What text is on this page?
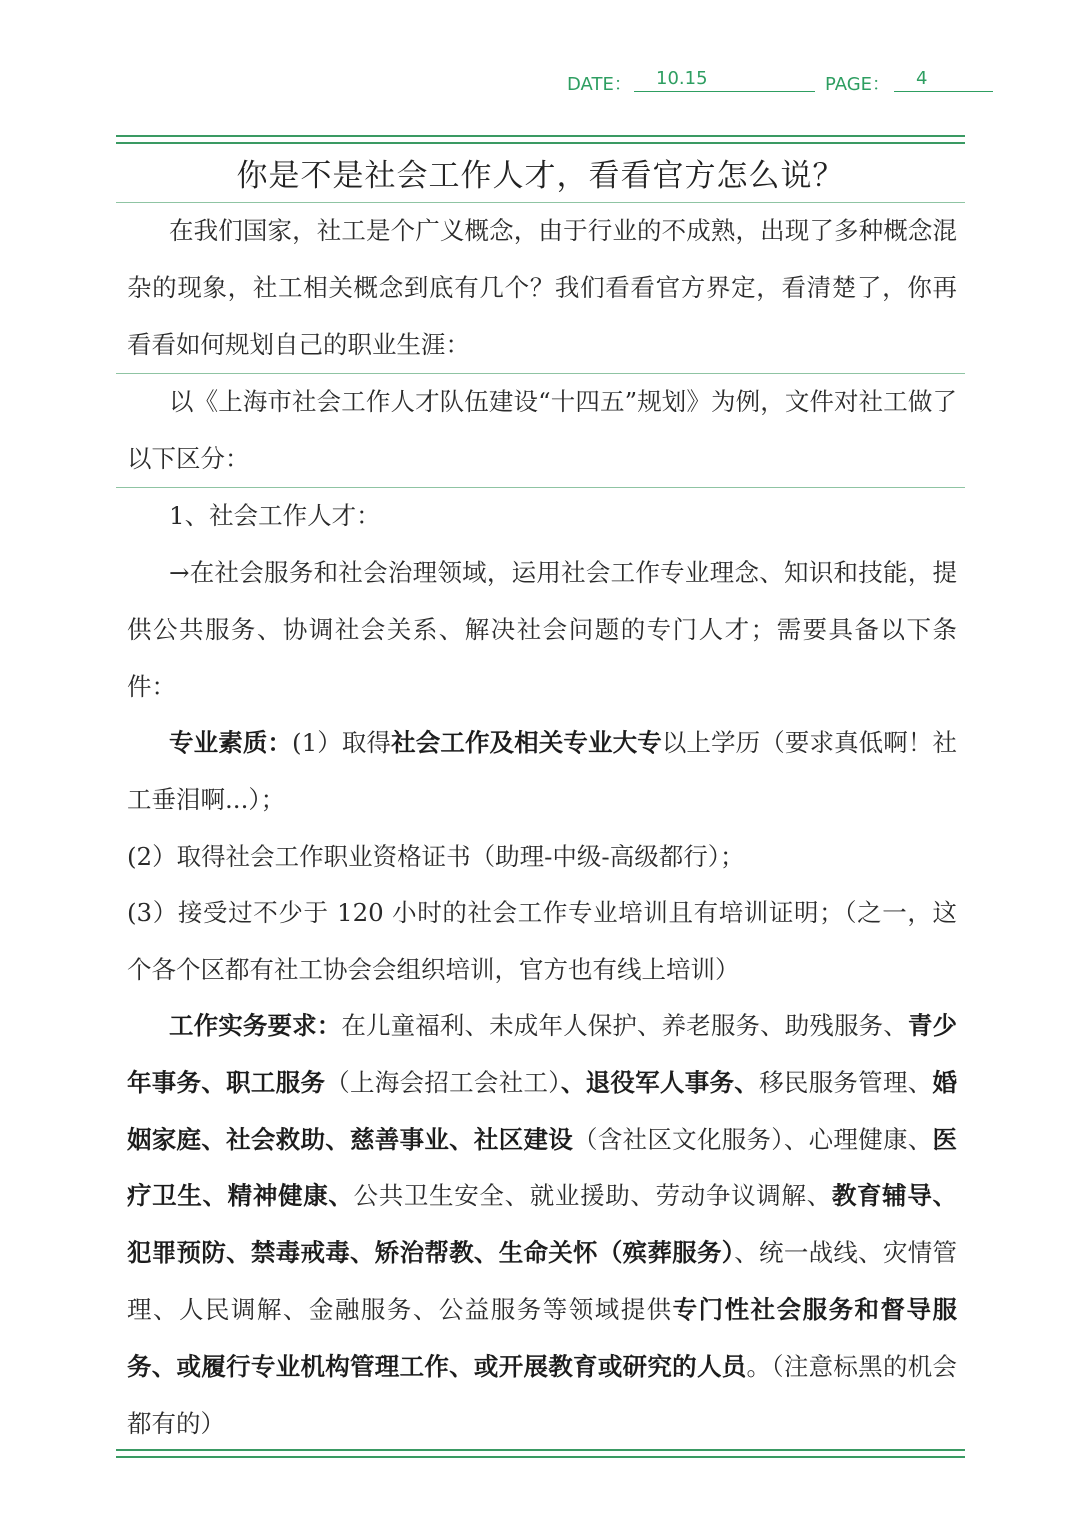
DATE：	10.15	PAGE：	4
你是不是社会工作人才，看看官方怎么说？
在我们国家，社工是个广义概念，由于行业的不成熟，出现了多种概念混杂的现象，社工相关概念到底有几个？我们看看官方界定，看清楚了，你再看看如何规划自己的职业生涯：
以《上海市社会工作人才队伍建设“十四五”规划》为例，文件对社工做了以下区分：
1、社会工作人才：
→在社会服务和社会治理领域，运用社会工作专业理念、知识和技能，提供公共服务、协调社会关系、解决社会问题的专门人才；需要具备以下条件：
专业素质：(1）取得社会工作及相关专业大专以上学历（要求真低啊！社工垂泪啊...）；
(2）取得社会工作职业资格证书（助理-中级-高级都行）；
(3）接受过不少于 120 小时的社会工作专业培训且有培训证明；（之一，这个各个区都有社工协会会组织培训，官方也有线上培训）
工作实务要求：在儿童福利、未成年人保护、养老服务、助残服务、青少年事务、职工服务（上海会招工会社工）、退役军人事务、移民服务管理、婚姻家庭、社会救助、慈善事业、社区建设（含社区文化服务）、心理健康、医疗卫生、精神健康、公共卫生安全、就业援助、劳动争议调解、教育辅导、犯罪预防、禁毒戒毒、矫治帮教、生命关怀（殡葬服务）、统一战线、灾情管理、人民调解、金融服务、公益服务等领域提供专门性社会服务和督导服务、或履行专业机构管理工作、或开展教育或研究的人员。（注意标黑的机会都有的）
